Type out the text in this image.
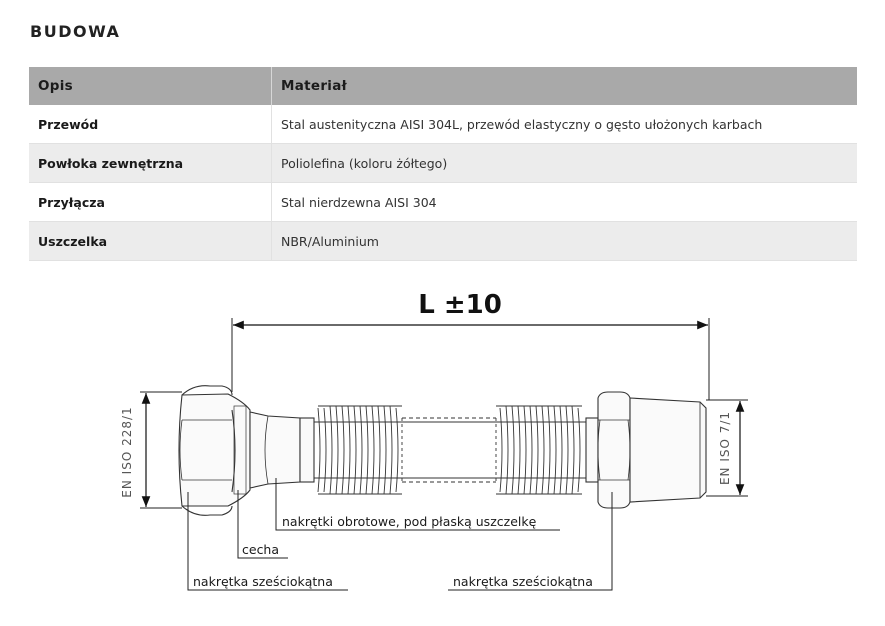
BUDOWA
Opis	Materiał
Przewód	Stal austenityczna AISI 304L, przewód elastyczny o gęsto ułożonych karbach
Powłoka zewnętrzna	Poliolefina (koloru żółtego)
Przyłącza	Stal nierdzewna AISI 304
Uszczelka	NBR/Aluminium
L ±10
EN ISO 228/1	EN ISO 7/1
nakrętki obrotowe, pod płaską uszczelkę
cecha
nakrętka sześciokątna	nakrętka sześciokątna
